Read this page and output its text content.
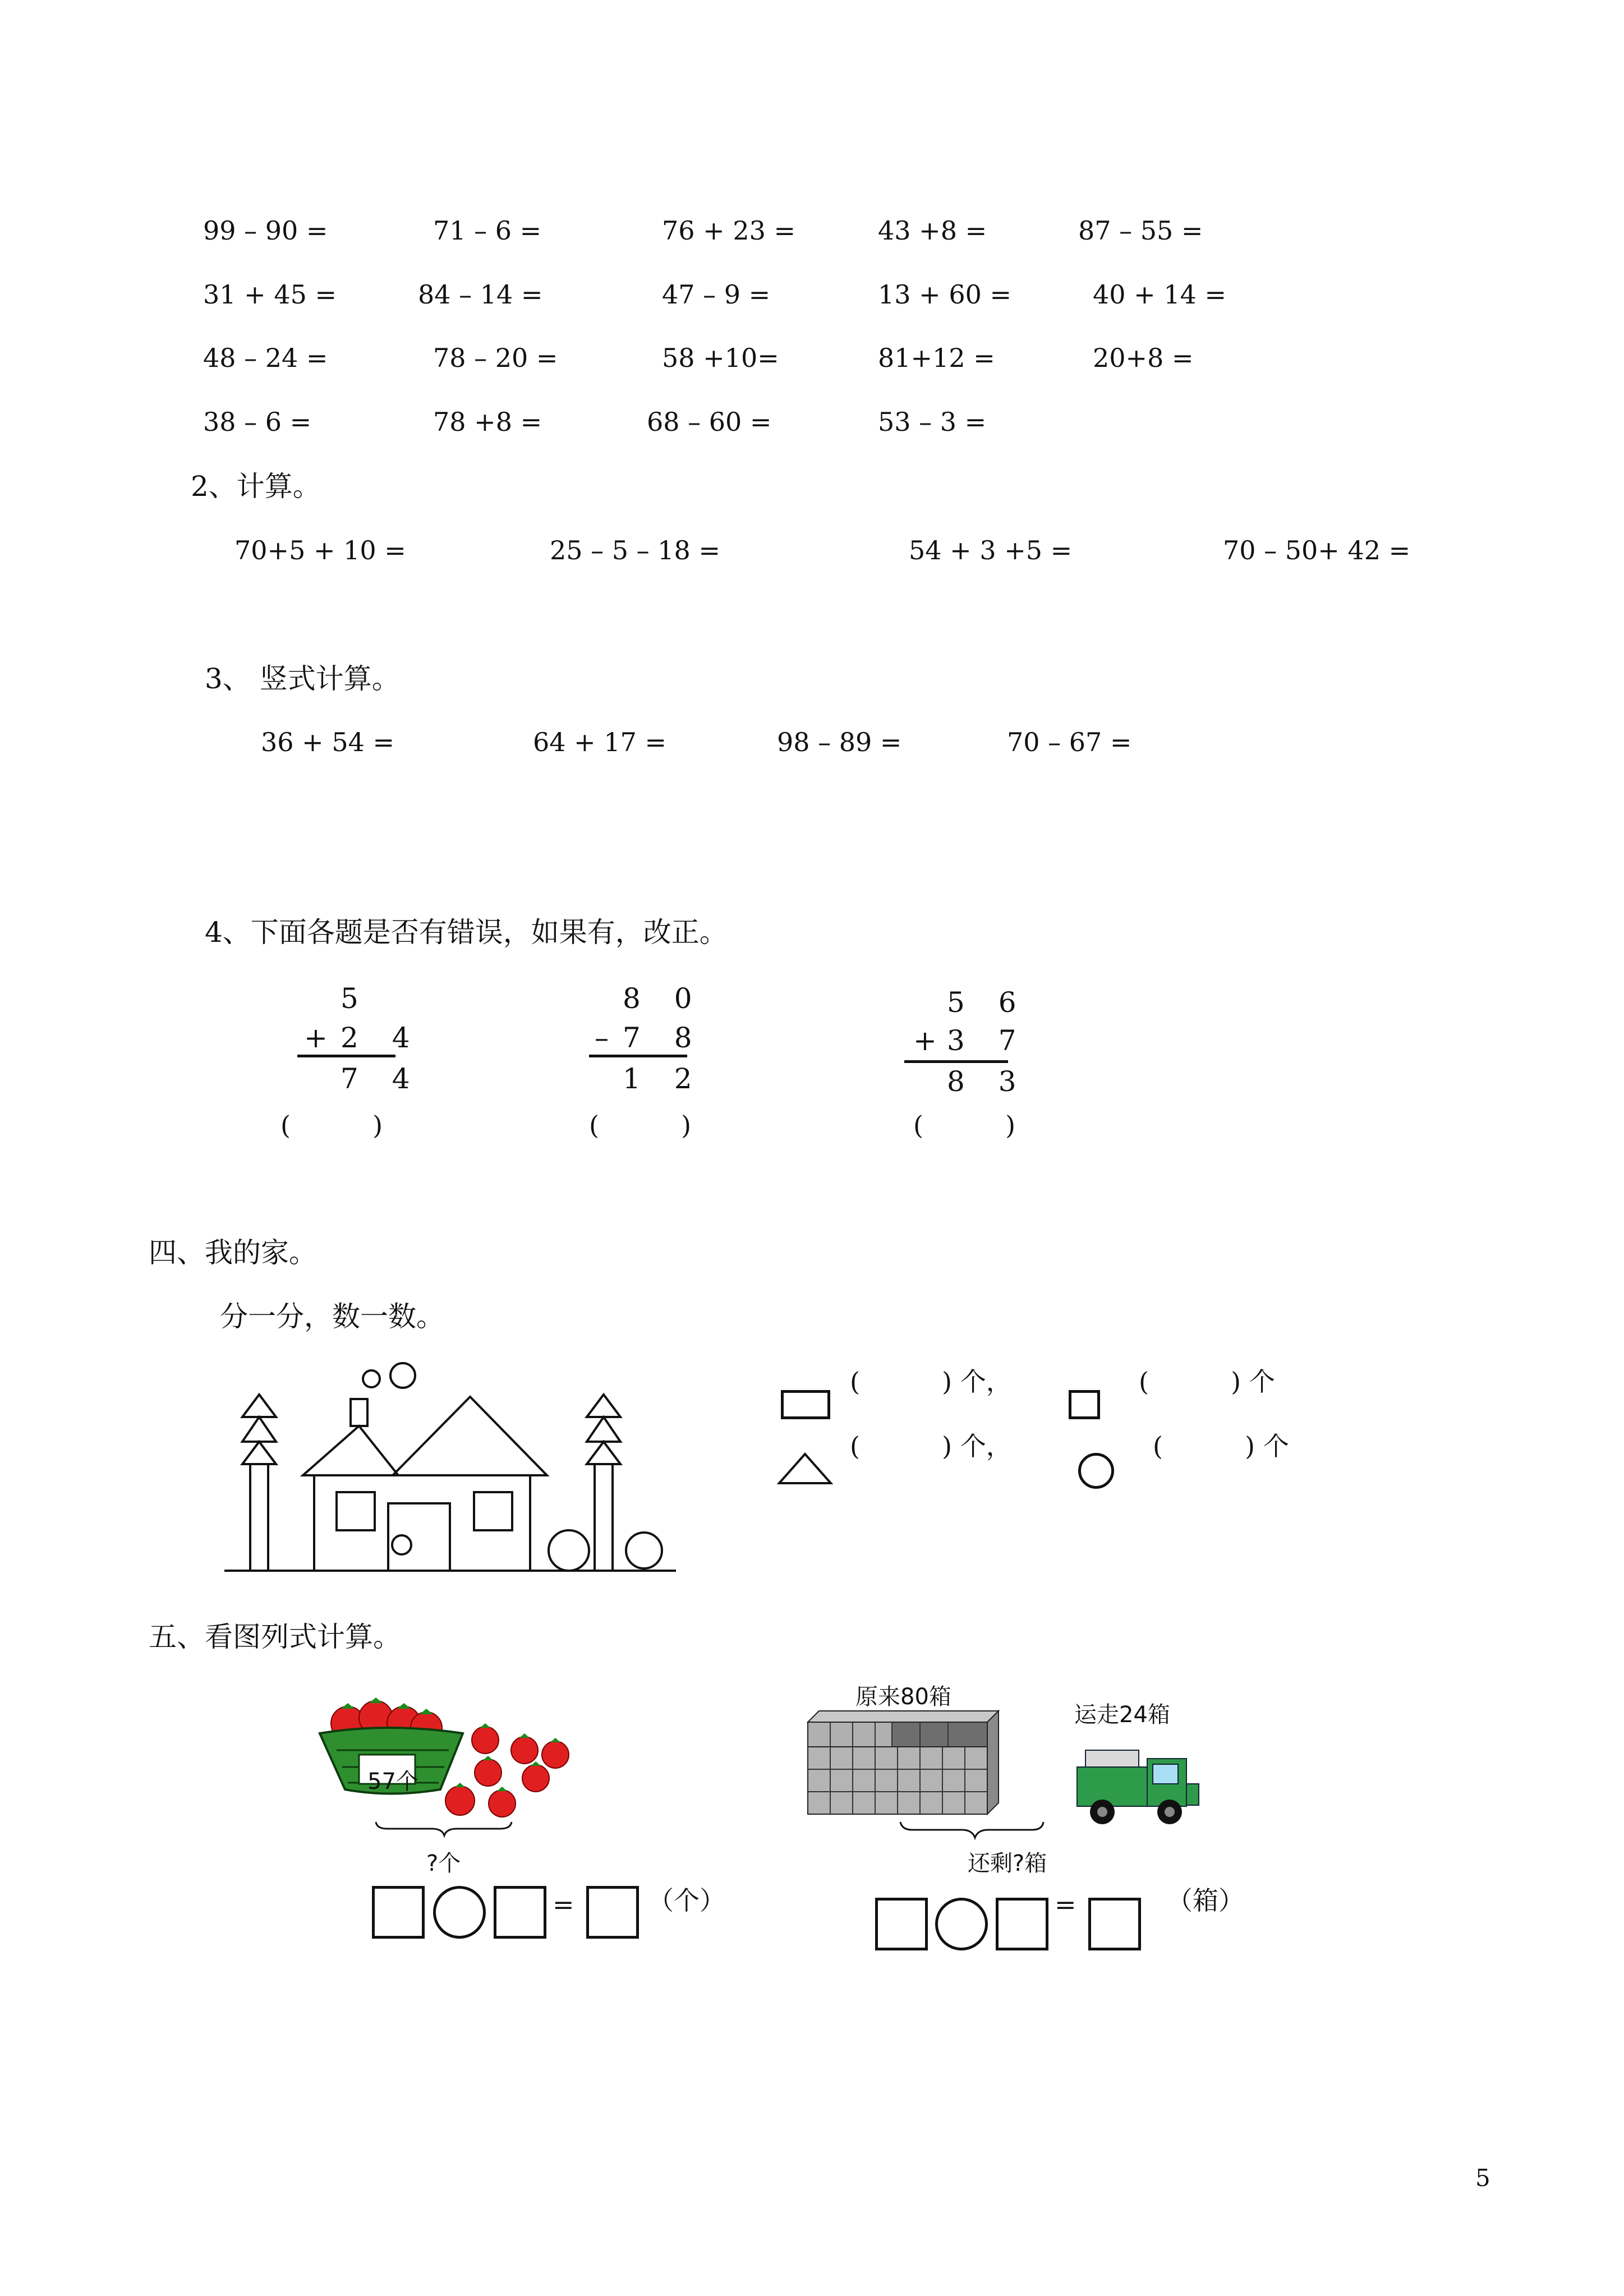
99 – 90 =	71 – 6 =	76 + 23 =	43 +8 =	87 – 55 =
31 + 45 =	84 – 14 =	47 – 9 =	13 + 60 =	40 + 14 =
48 – 24 =	78 – 20 =	58 +10=	81+12 =	20+8 =
38 – 6 =	78 +8 =	68 – 60 =	53 – 3 =
2、计算。
70+5 + 10 =	25 – 5 – 18 =	54 + 3 +5 =	70 – 50+ 42 =
3、 竖式计算。
36 + 54 =	64 + 17 =	98 – 89 =	70 – 67 =
4、下面各题是否有错误，如果有，改正。
5
+ 2 4
7 4
(          )
8 0
– 7 8
1 2
(          )
5 6
+
3 7
8 3
(          )
四、我的家。
分一分，数一数。
(          ) 个，	(          ) 个
(          ) 个，	(          ) 个
五、看图列式计算。
57个
?个
=	（个）
原来80箱
运走24箱
还剩?箱
=	（箱）
5
